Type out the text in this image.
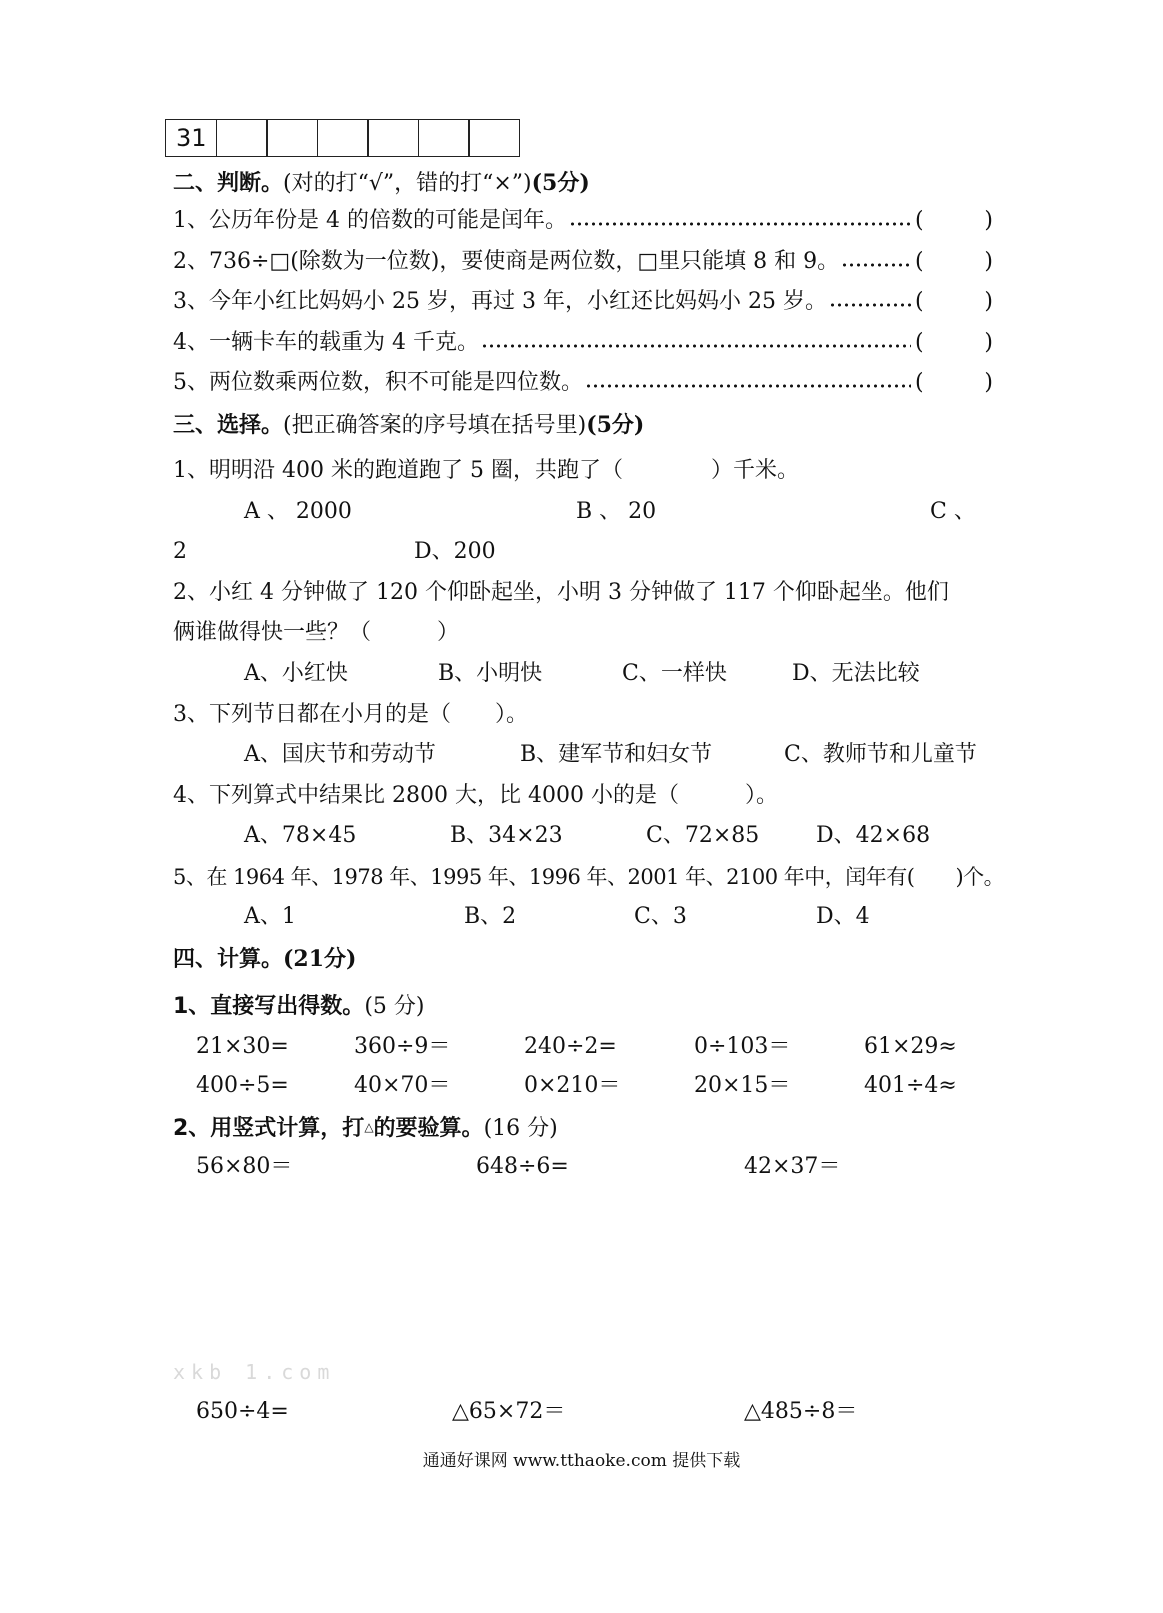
31
二、判断。(对的打“√”，错的打“×”)(5分)
1、公历年份是 4 的倍数的可能是闰年。	(	)
2、736÷□(除数为一位数)，要使商是两位数，□里只能填 8 和 9。	(	)
3、今年小红比妈妈小 25 岁，再过 3 年，小红还比妈妈小 25 岁。	(	)
4、一辆卡车的载重为 4 千克。	(	)
5、两位数乘两位数，积不可能是四位数。	(	)
三、选择。(把正确答案的序号填在括号里)(5分)
1、明明沿 400 米的跑道跑了 5 圈，共跑了（　　　　）千米。
A 、 2000	B 、 20	C 、
2	D、200
2、小红 4 分钟做了 120 个仰卧起坐，小明 3 分钟做了 117 个仰卧起坐。他们
俩谁做得快一些？（　　　）
A、小红快	B、小明快	C、一样快	D、无法比较
3、下列节日都在小月的是（　　）。
A、国庆节和劳动节	B、建军节和妇女节	C、教师节和儿童节
4、下列算式中结果比 2800 大，比 4000 小的是（　　　）。
A、78×45	B、34×23	C、72×85	D、42×68
5、在 1964 年、1978 年、1995 年、1996 年、2001 年、2100 年中，闰年有(　　)个。
A、1	B、2	C、3	D、4
四、计算。(21分)
1、直接写出得数。(5 分)
21×30=	360÷9＝	240÷2=	0÷103＝	61×29≈
400÷5=	40×70＝	0×210＝	20×15＝	401÷4≈
2、用竖式计算，打△的要验算。(16 分)
56×80＝	648÷6=	42×37＝
xkb 1.com
650÷4=	△65×72＝	△485÷8＝
通通好课网 www.tthaoke.com 提供下载
